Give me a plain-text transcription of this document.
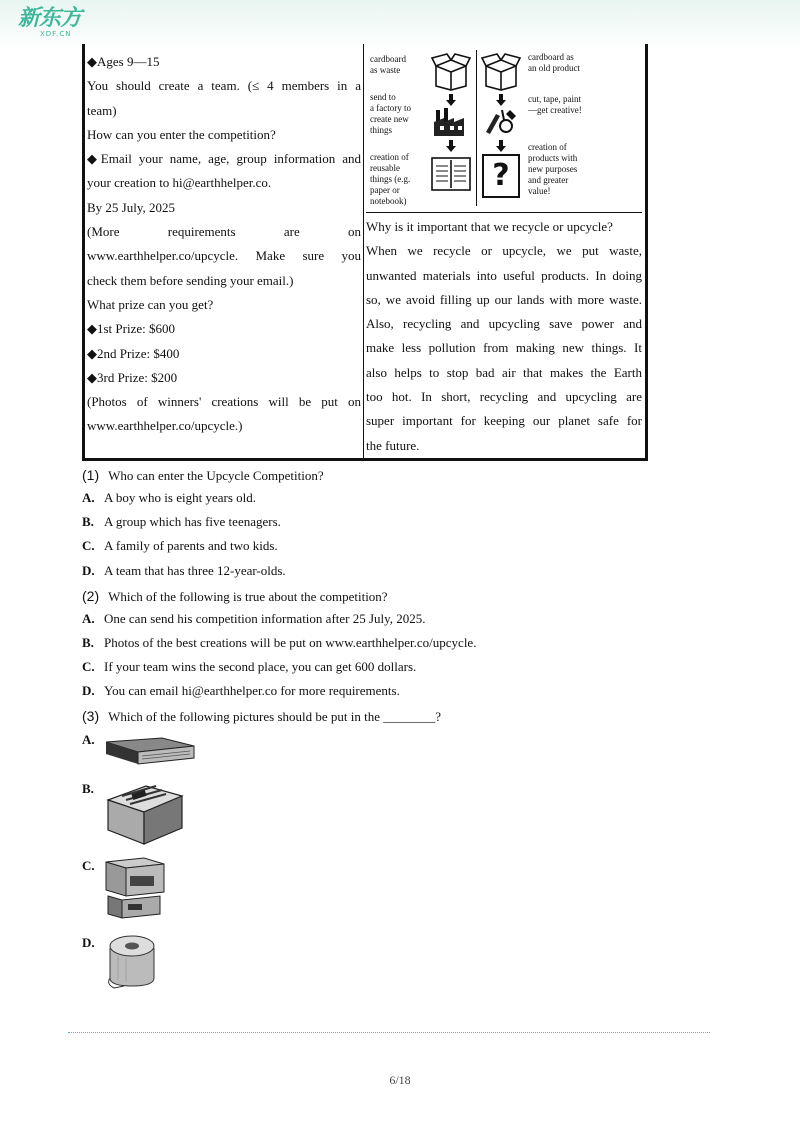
新东方
XDF.CN
◆Ages 9—15
You should create a team. (≤ 4 members in a
team)
How can you enter the competition?
◆Email your name, age, group information and
your creation to hi@earthhelper.co.
By 25 July, 2025
(More requirements are on
www.earthhelper.co/upcycle. Make sure you
check them before sending your email.)
What prize can you get?
◆1st Prize: $600
◆2nd Prize: $400
◆3rd Prize: $200
(Photos of winners' creations will be put on
www.earthhelper.co/upcycle.)
cardboard
as waste
send to
a factory to
create new
things
creation of
reusable
things (e.g.
paper or
notebook)
cardboard as
an old product
cut, tape, paint
—get creative!
creation of
products with
new purposes
and greater
value!
?
Why is it important that we recycle or upcycle?
When we recycle or upcycle, we put waste,
unwanted materials into useful products. In doing
so, we avoid filling up our lands with more waste.
Also, recycling and upcycling save power and
make less pollution from making new things. It
also helps to stop bad air that makes the Earth
too hot. In short, recycling and upcycling are
super important for keeping our planet safe for
the future.
(1) Who can enter the Upcycle Competition?
A. A boy who is eight years old.
B. A group which has five teenagers.
C. A family of parents and two kids.
D. A team that has three 12-year-olds.
(2) Which of the following is true about the competition?
A. One can send his competition information after 25 July, 2025.
B. Photos of the best creations will be put on www.earthhelper.co/upcycle.
C. If your team wins the second place, you can get 600 dollars.
D. You can email hi@earthhelper.co for more requirements.
(3) Which of the following pictures should be put in the ________?
A.
B.
C.
D.
6/18
